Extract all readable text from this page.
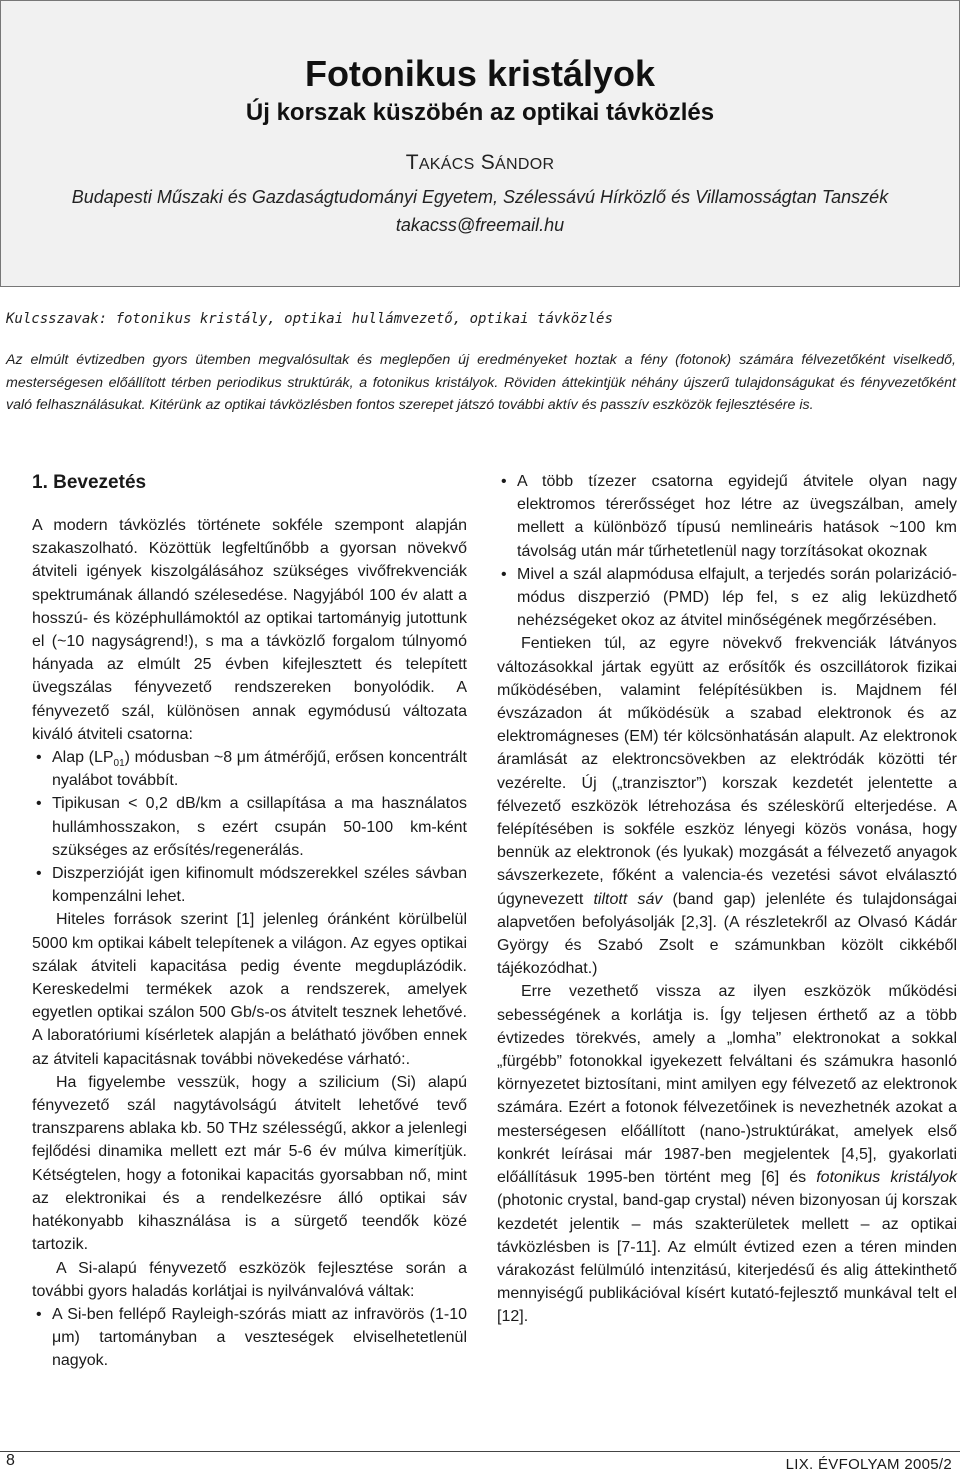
Fotonikus kristályok
Új korszak küszöbén az optikai távközlés
TAKÁCS SÁNDOR
Budapesti Műszaki és Gazdaságtudományi Egyetem, Szélessávú Hírközlő és Villamosságtan Tanszék
takacss@freemail.hu
Kulcsszavak: fotonikus kristály, optikai hullámvezető, optikai távközlés
Az elmúlt évtizedben gyors ütemben megvalósultak és meglepően új eredményeket hoztak a fény (fotonok) számára félvezetőként viselkedő, mesterségesen előállított térben periodikus struktúrák, a fotonikus kristályok. Röviden áttekintjük néhány újszerű tulajdonságukat és fényvezetőként való felhasználásukat. Kitérünk az optikai távközlésben fontos szerepet játszó további aktív és passzív eszközök fejlesztésére is.
1. Bevezetés

A modern távközlés története sokféle szempont alapján szakaszolható. Közöttük legfeltűnőbb a gyorsan növekvő átviteli igények kiszolgálásához szükséges vivőfrekvenciák spektrumának állandó szélesedése. Nagyjából 100 év alatt a hosszú- és középhullámoktól az optikai tartományig jutottunk el (~10 nagyságrend!), s ma a távközlő forgalom túlnyomó hányada az elmúlt 25 évben kifejlesztett és telepített üvegszálas fényvezető rendszereken bonyolódik. A fényvezető szál, különösen annak egymódusú változata kiváló átviteli csatorna:

• Alap $(LP_{01})$ módusban ~8 μm átmérőjű, erősen koncentrált nyalábot továbbít.
• Tipikusan < 0,2 dB/km a csillapítása a ma használatos hullámhosszakon, s ezért csupán 50-100 km-ként szükséges az erősítés/regenerálás.
• Diszperzióját igen kifinomult módszerekkel széles sávban kompenzálni lehet.

Hiteles források szerint [1] jelenleg óránként körülbelül 5000 km optikai kábelt telepítenek a világon. Az egyes optikai szálak átviteli kapacitása pedig évente megduplázódik. Kereskedelmi termékek azok a rendszerek, amelyek egyetlen optikai szálon 500 Gb/s-os átvitelt tesznek lehetővé. A laboratóriumi kísérletek alapján a belátható jövőben ennek az átviteli kapacitásnak további növekedése várható:.

Ha figyelembe vesszük, hogy a szilicium (Si) alapú fényvezető szál nagytávolságú átvitelt lehetővé tevő transzparens ablaka kb. 50 THz szélességű, akkor a jelenlegi fejlődési dinamika mellett ezt már 5-6 év múlva kimerítjük. Kétségtelen, hogy a fotonikai kapacitás gyorsabban nő, mint az elektronikai és a rendelkezésre álló optikai sáv hatékonyabb kihasználása is a sürgető teendők közé tartozik.

A Si-alapú fényvezető eszközök fejlesztése során a további gyors haladás korlátjai is nyilvánvalóvá váltak:

• A Si-ben fellépő Rayleigh-szórás miatt az infravörös (1-10 μm) tartományban a veszteségek elviselhetetlenül nagyok.
• A több tízezer csatorna egyidejű átvitele olyan nagy elektromos térerősséget hoz létre az üvegszálban, amely mellett a különböző típusú nemlineáris hatások ~100 km távolság után már tűrhetetlenül nagy torzításokat okoznak
• Mivel a szál alapmódusa elfajult, a terjedés során polarizáció-módus diszperzió (PMD) lép fel, s ez alig leküzdhető nehézségeket okoz az átvitel minőségének megőrzésében.

Fentieken túl, az egyre növekvő frekvenciák látványos változásokkal jártak együtt az erősítők és oszcillátorok fizikai működésében, valamint felépítésükben is. Majdnem fél évszázadon át működésük a szabad elektronok és az elektromágneses (EM) tér kölcsönhatásán alapult. Az elektronok áramlását az elektroncsövekben az elektródák közötti tér vezérelte. Új („tranzisztor”) korszak kezdetét jelentette a félvezető eszközök létrehozása és széleskörű elterjedése. A felépítésében is sokféle eszköz lényegi közös vonása, hogy bennük az elektronok (és lyukak) mozgását a félvezető anyagok sávszerkezete, főként a valencia-és vezetési sávot elválasztó úgynevezett tiltott sáv (band gap) jelenléte és tulajdonságai alapvetően befolyásolják [2,3]. (A részletekről az Olvasó Kádár György és Szabó Zsolt e számunkban közölt cikkéből tájékozódhat.)

Erre vezethető vissza az ilyen eszközök működési sebességének a korlátja is. Így teljesen érthető az a több évtizedes törekvés, amely a „lomha” elektronokat a sokkal „fürgébb” fotonokkal igyekezett felváltani és számukra hasonló környezetet biztosítani, mint amilyen egy félvezető az elektronok számára. Ezért a fotonok félvezetőinek is nevezhetnék azokat a mesterségesen előállított (nano-)struktúrákat, amelyek első konkrét leírásai már 1987-ben megjelentek [4,5], gyakorlati előállításuk 1995-ben történt meg [6] és fotonikus kristályok (photonic crystal, band-gap crystal) néven bizonyosan új korszak kezdetét jelentik – más szakterületek mellett – az optikai távközlésben is [7-11]. Az elmúlt évtized ezen a téren minden várakozást felülmúló intenzitású, kiterjedésű és alig áttekinthető mennyiségű publikációval kísért kutató-fejlesztő munkával telt el [12].

8	LIX. ÉVFOLYAM 2005/2
